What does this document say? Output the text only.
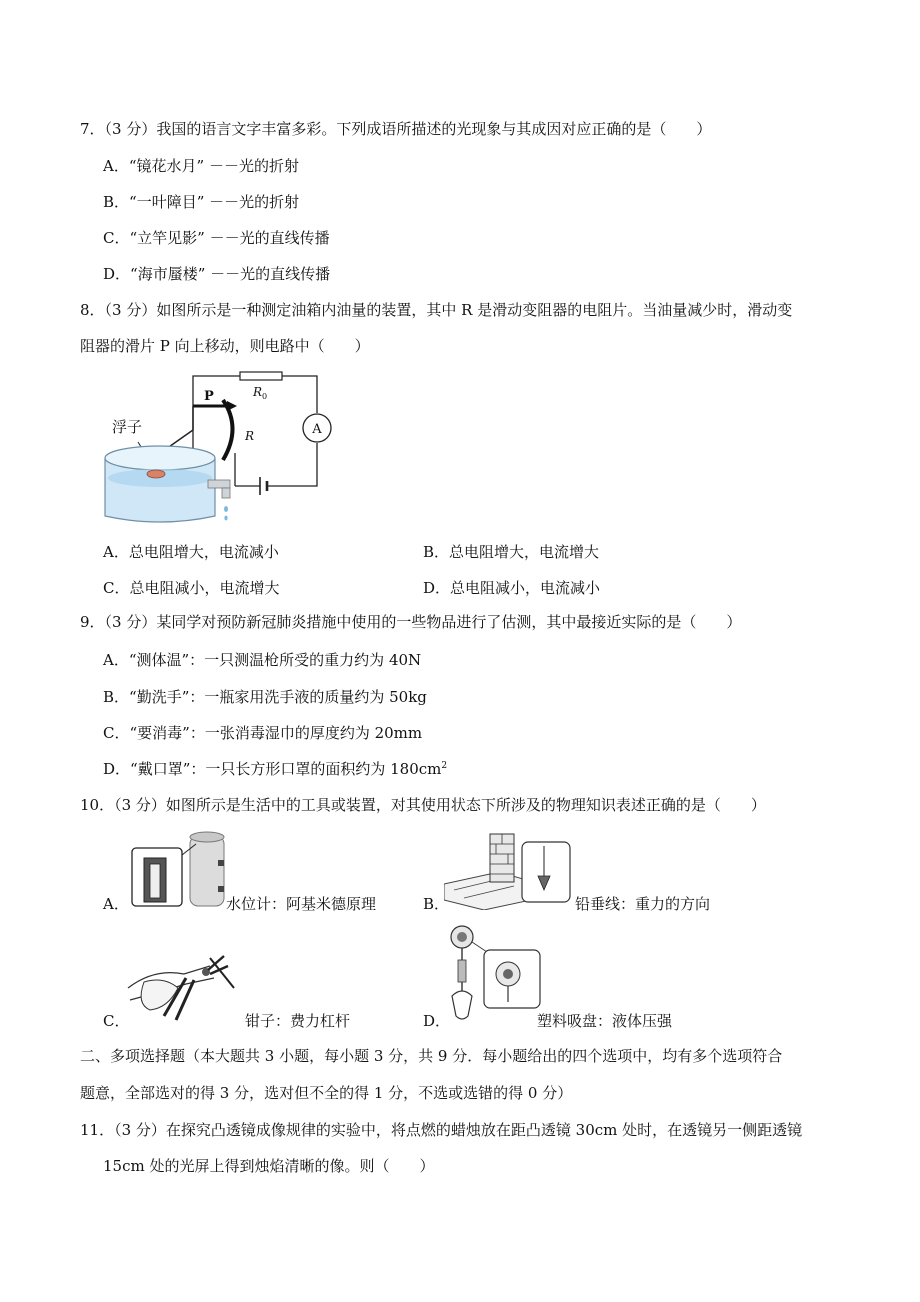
7．（3 分）我国的语言文字丰富多彩。下列成语所描述的光现象与其成因对应正确的是（　　）
A．“镜花水月” －－光的折射
B．“一叶障目” －－光的折射
C．“立竿见影” －－光的直线传播
D．“海市蜃楼” －－光的直线传播
8．（3 分）如图所示是一种测定油箱内油量的装置，其中 R 是滑动变阻器的电阻片。当油量减少时，滑动变
阻器的滑片 P 向上移动，则电路中（　　）
浮子
P
R
R 0
A
A．总电阻增大，电流减小	B．总电阻增大，电流增大
C．总电阻减小，电流增大	D．总电阻减小，电流减小
9．（3 分）某同学对预防新冠肺炎措施中使用的一些物品进行了估测，其中最接近实际的是（　　）
A．“测体温”：一只测温枪所受的重力约为 40N
B．“勤洗手”：一瓶家用洗手液的质量约为 50kg
C．“要消毒”：一张消毒湿巾的厚度约为 20mm
D．“戴口罩”：一只长方形口罩的面积约为 $180cm^2$
10．（3 分）如图所示是生活中的工具或装置，对其使用状态下所涉及的物理知识表述正确的是（　　）
A．	水位计：阿基米德原理	B．	铅垂线：重力的方向
C．	钳子：费力杠杆	D．	塑料吸盘：液体压强
二、多项选择题（本大题共 3 小题，每小题 3 分，共 9 分．每小题给出的四个选项中，均有多个选项符合
题意，全部选对的得 3 分，选对但不全的得 1 分，不选或选错的得 0 分）
11．（3 分）在探究凸透镜成像规律的实验中，将点燃的蜡烛放在距凸透镜 30cm 处时，在透镜另一侧距透镜
15cm 处的光屏上得到烛焰清晰的像。则（　　）
